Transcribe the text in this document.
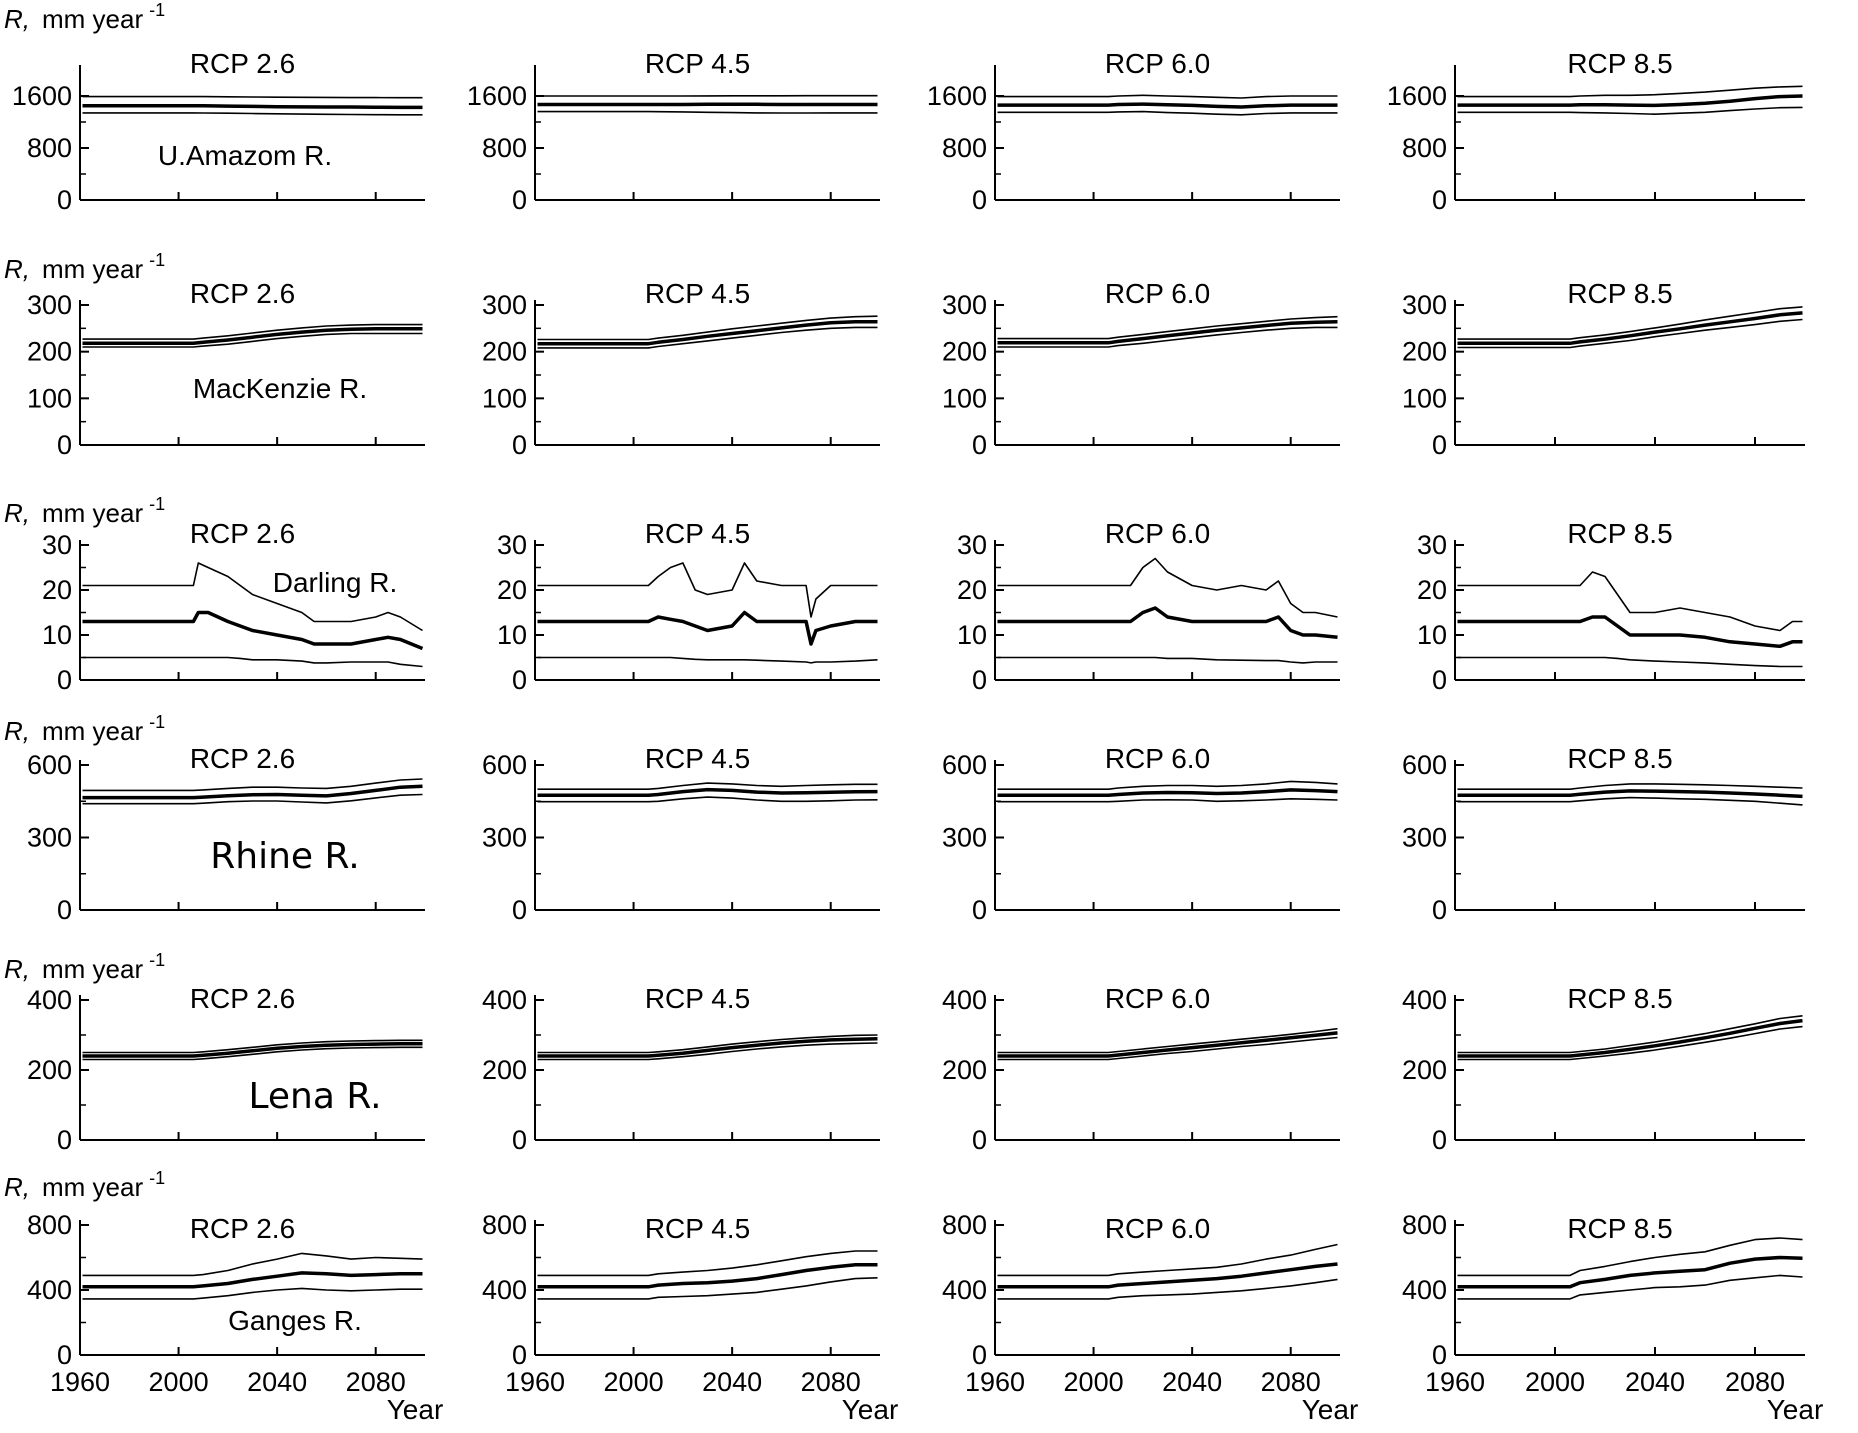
0
800
1600
RCP 2.6
U.Amazom R.
R, mm year $^{-1}$
0
800
1600
RCP 4.5
0
800
1600
RCP 6.0
0
800
1600
RCP 8.5
0
100
200
300	RCP 2.6
MacKenzie R.
R, mm year $^{-1}$
0
100
200
300	RCP 4.5
0
100
200
300	RCP 6.0
0
100
200
300	RCP 8.5
0
10
20
30	RCP 2.6
Darling R.
R, mm year $^{-1}$
0
10
20
30	RCP 4.5
0
10
20
30	RCP 6.0
0
10
20
30	RCP 8.5
0
300
600	RCP 2.6
Rhine R.
R, mm year $^{-1}$
0
300
600	RCP 4.5
0
300
600	RCP 6.0
0
300
600	RCP 8.5
0
200
400	RCP 2.6
Lena R.
R, mm year $^{-1}$
0
200
400	RCP 4.5
0
200
400	RCP 6.0
0
200
400	RCP 8.5
0
400
800	RCP 2.6
Ganges R.
R, mm year $^{-1}$
1960 2000 2040 2080
Year
0
400
800	RCP 4.5
1960 2000 2040 2080
Year
0
400
800	RCP 6.0
1960 2000 2040 2080
Year
0
400
800	RCP 8.5
1960 2000 2040 2080
Year
